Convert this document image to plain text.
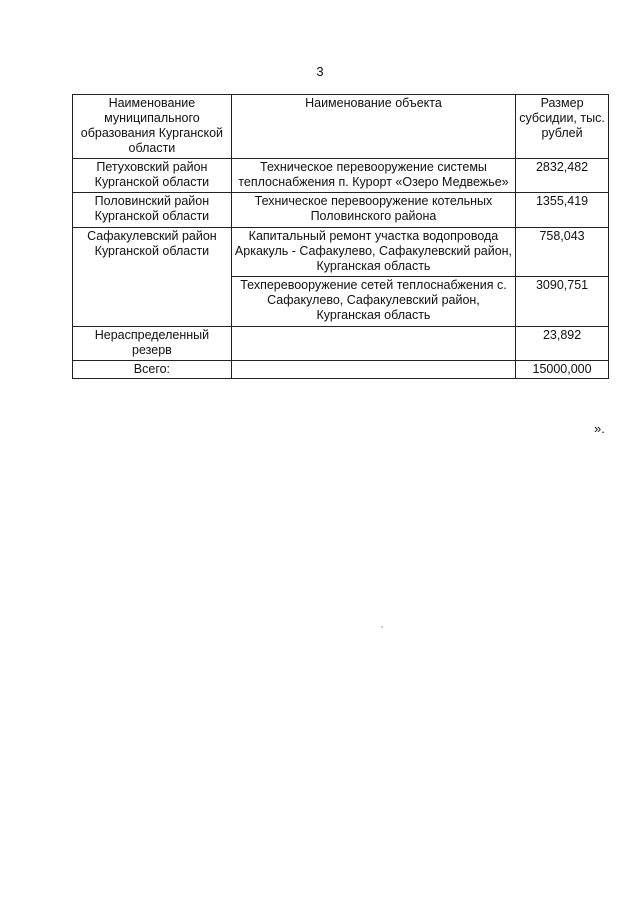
3
Наименование муниципального образования Курганской области	Наименование объекта	Размер субсидии, тыс. рублей
Петуховский район Курганской области	Техническое перевооружение системы теплоснабжения п. Курорт «Озеро Медвежье»	2832,482
Половинский район Курганской области	Техническое перевооружение котельных Половинского района	1355,419
Сафакулевский район Курганской области	Капитальный ремонт участка водопровода Аркакуль - Сафакулево, Сафакулевский район, Курганская область	758,043
	Техперевооружение сетей теплоснабжения с. Сафакулево, Сафакулевский район, Курганская область	3090,751
Нераспределенный резерв		23,892
Всего:		15000,000
».
